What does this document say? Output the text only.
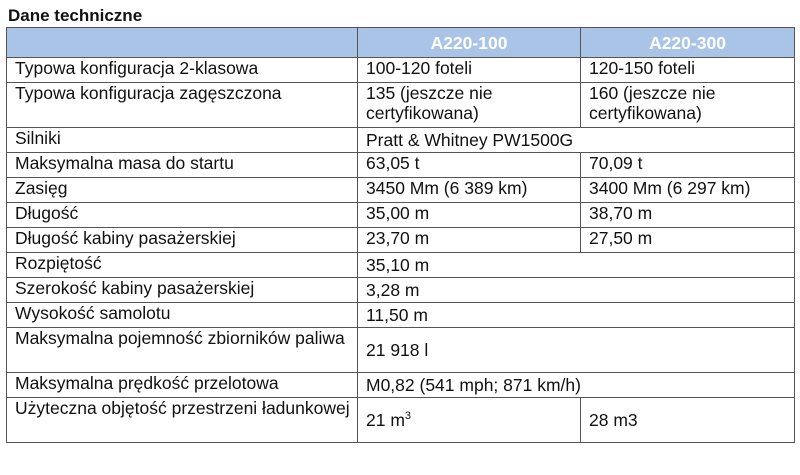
Dane techniczne
	A220-100	A220-300
Typowa konfiguracja 2-klasowa	100-120 foteli	120-150 foteli
Typowa konfiguracja zagęszczona	135 (jeszcze nie certyfikowana)	160 (jeszcze nie certyfikowana)
Silniki	Pratt & Whitney PW1500G	
Maksymalna masa do startu	63,05 t	70,09 t
Zasięg	3450 Mm (6 389 km)	3400 Mm (6 297 km)
Długość	35,00 m	38,70 m
Długość kabiny pasażerskiej	23,70 m	27,50 m
Rozpiętość	35,10 m	
Szerokość kabiny pasażerskiej	3,28 m	
Wysokość samolotu	11,50 m	
Maksymalna pojemność zbiorników paliwa	21 918 l	
Maksymalna prędkość przelotowa	M0,82 (541 mph; 871 km/h)	
Użyteczna objętość przestrzeni ładunkowej	21 $m^3$	28 m3
